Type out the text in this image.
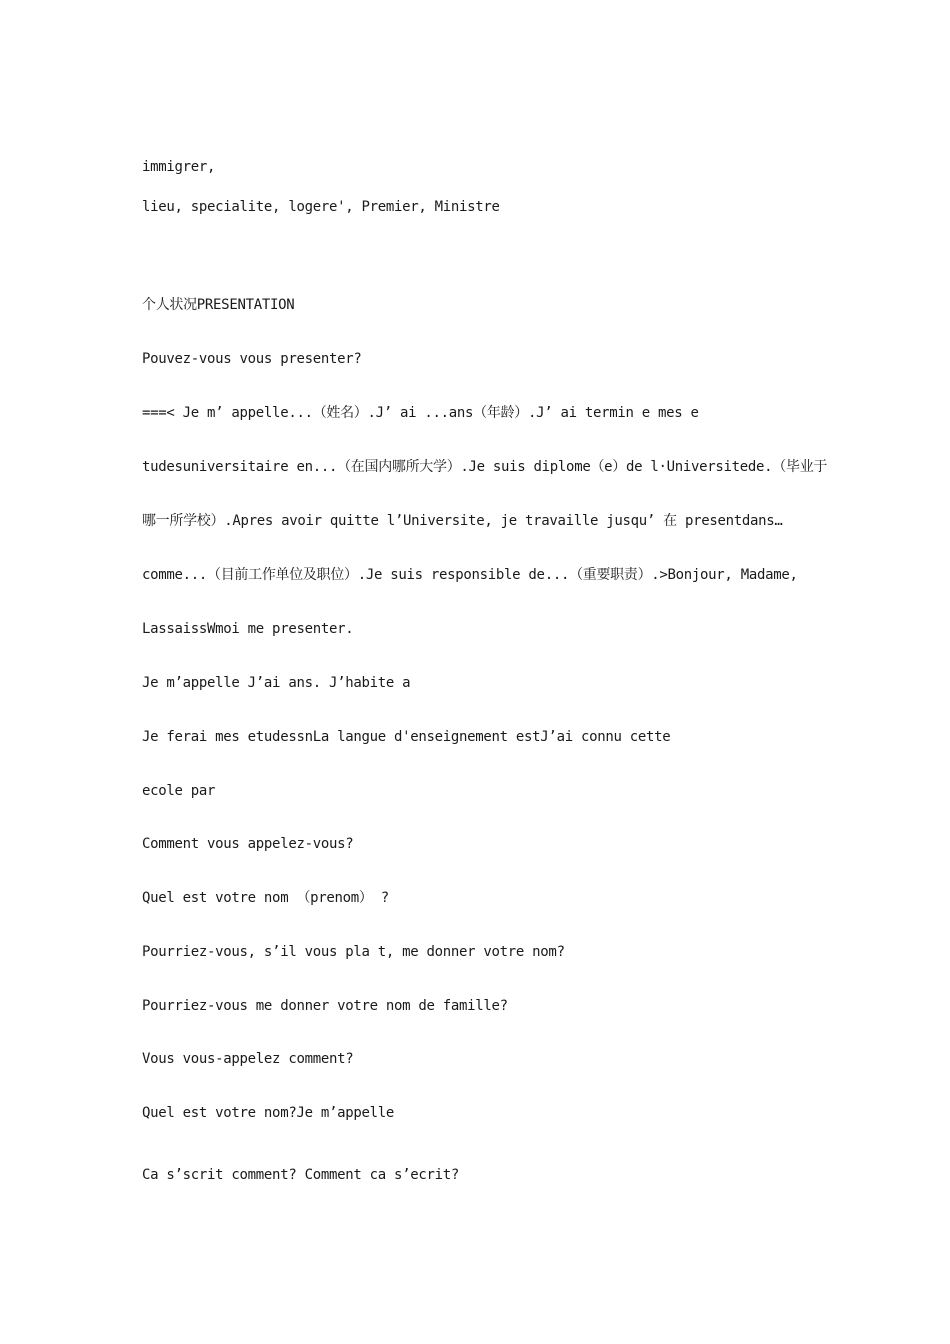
immigrer,
lieu, specialite, logere', Premier, Ministre
个人状况PRESENTATION
Pouvez-vous vous presenter?
===< Je m’ appelle...（姓名）.J’ ai ...ans（年龄）.J’ ai termin e mes e
tudesuniversitaire en...（在国内哪所大学）.Je suis diplome（e）de l·Universitede.（毕业于
哪一所学校）.Apres avoir quitte l’Universite, je travaille jusqu’ 在 presentdans…
comme...（目前工作单位及职位）.Je suis responsible de...（重要职责）.>Bonjour, Madame,
LassaissWmoi me presenter.
Je m’appelle J’ai ans. J’habite a
Je ferai mes etudessnLa langue d'enseignement estJ’ai connu cette
ecole par
Comment vous appelez-vous?
Quel est votre nom （prenom） ?
Pourriez-vous, s’il vous pla t, me donner votre nom?
Pourriez-vous me donner votre nom de famille?
Vous vous-appelez comment?
Quel est votre nom?Je m’appelle
Ca s’scrit comment? Comment ca s’ecrit?
